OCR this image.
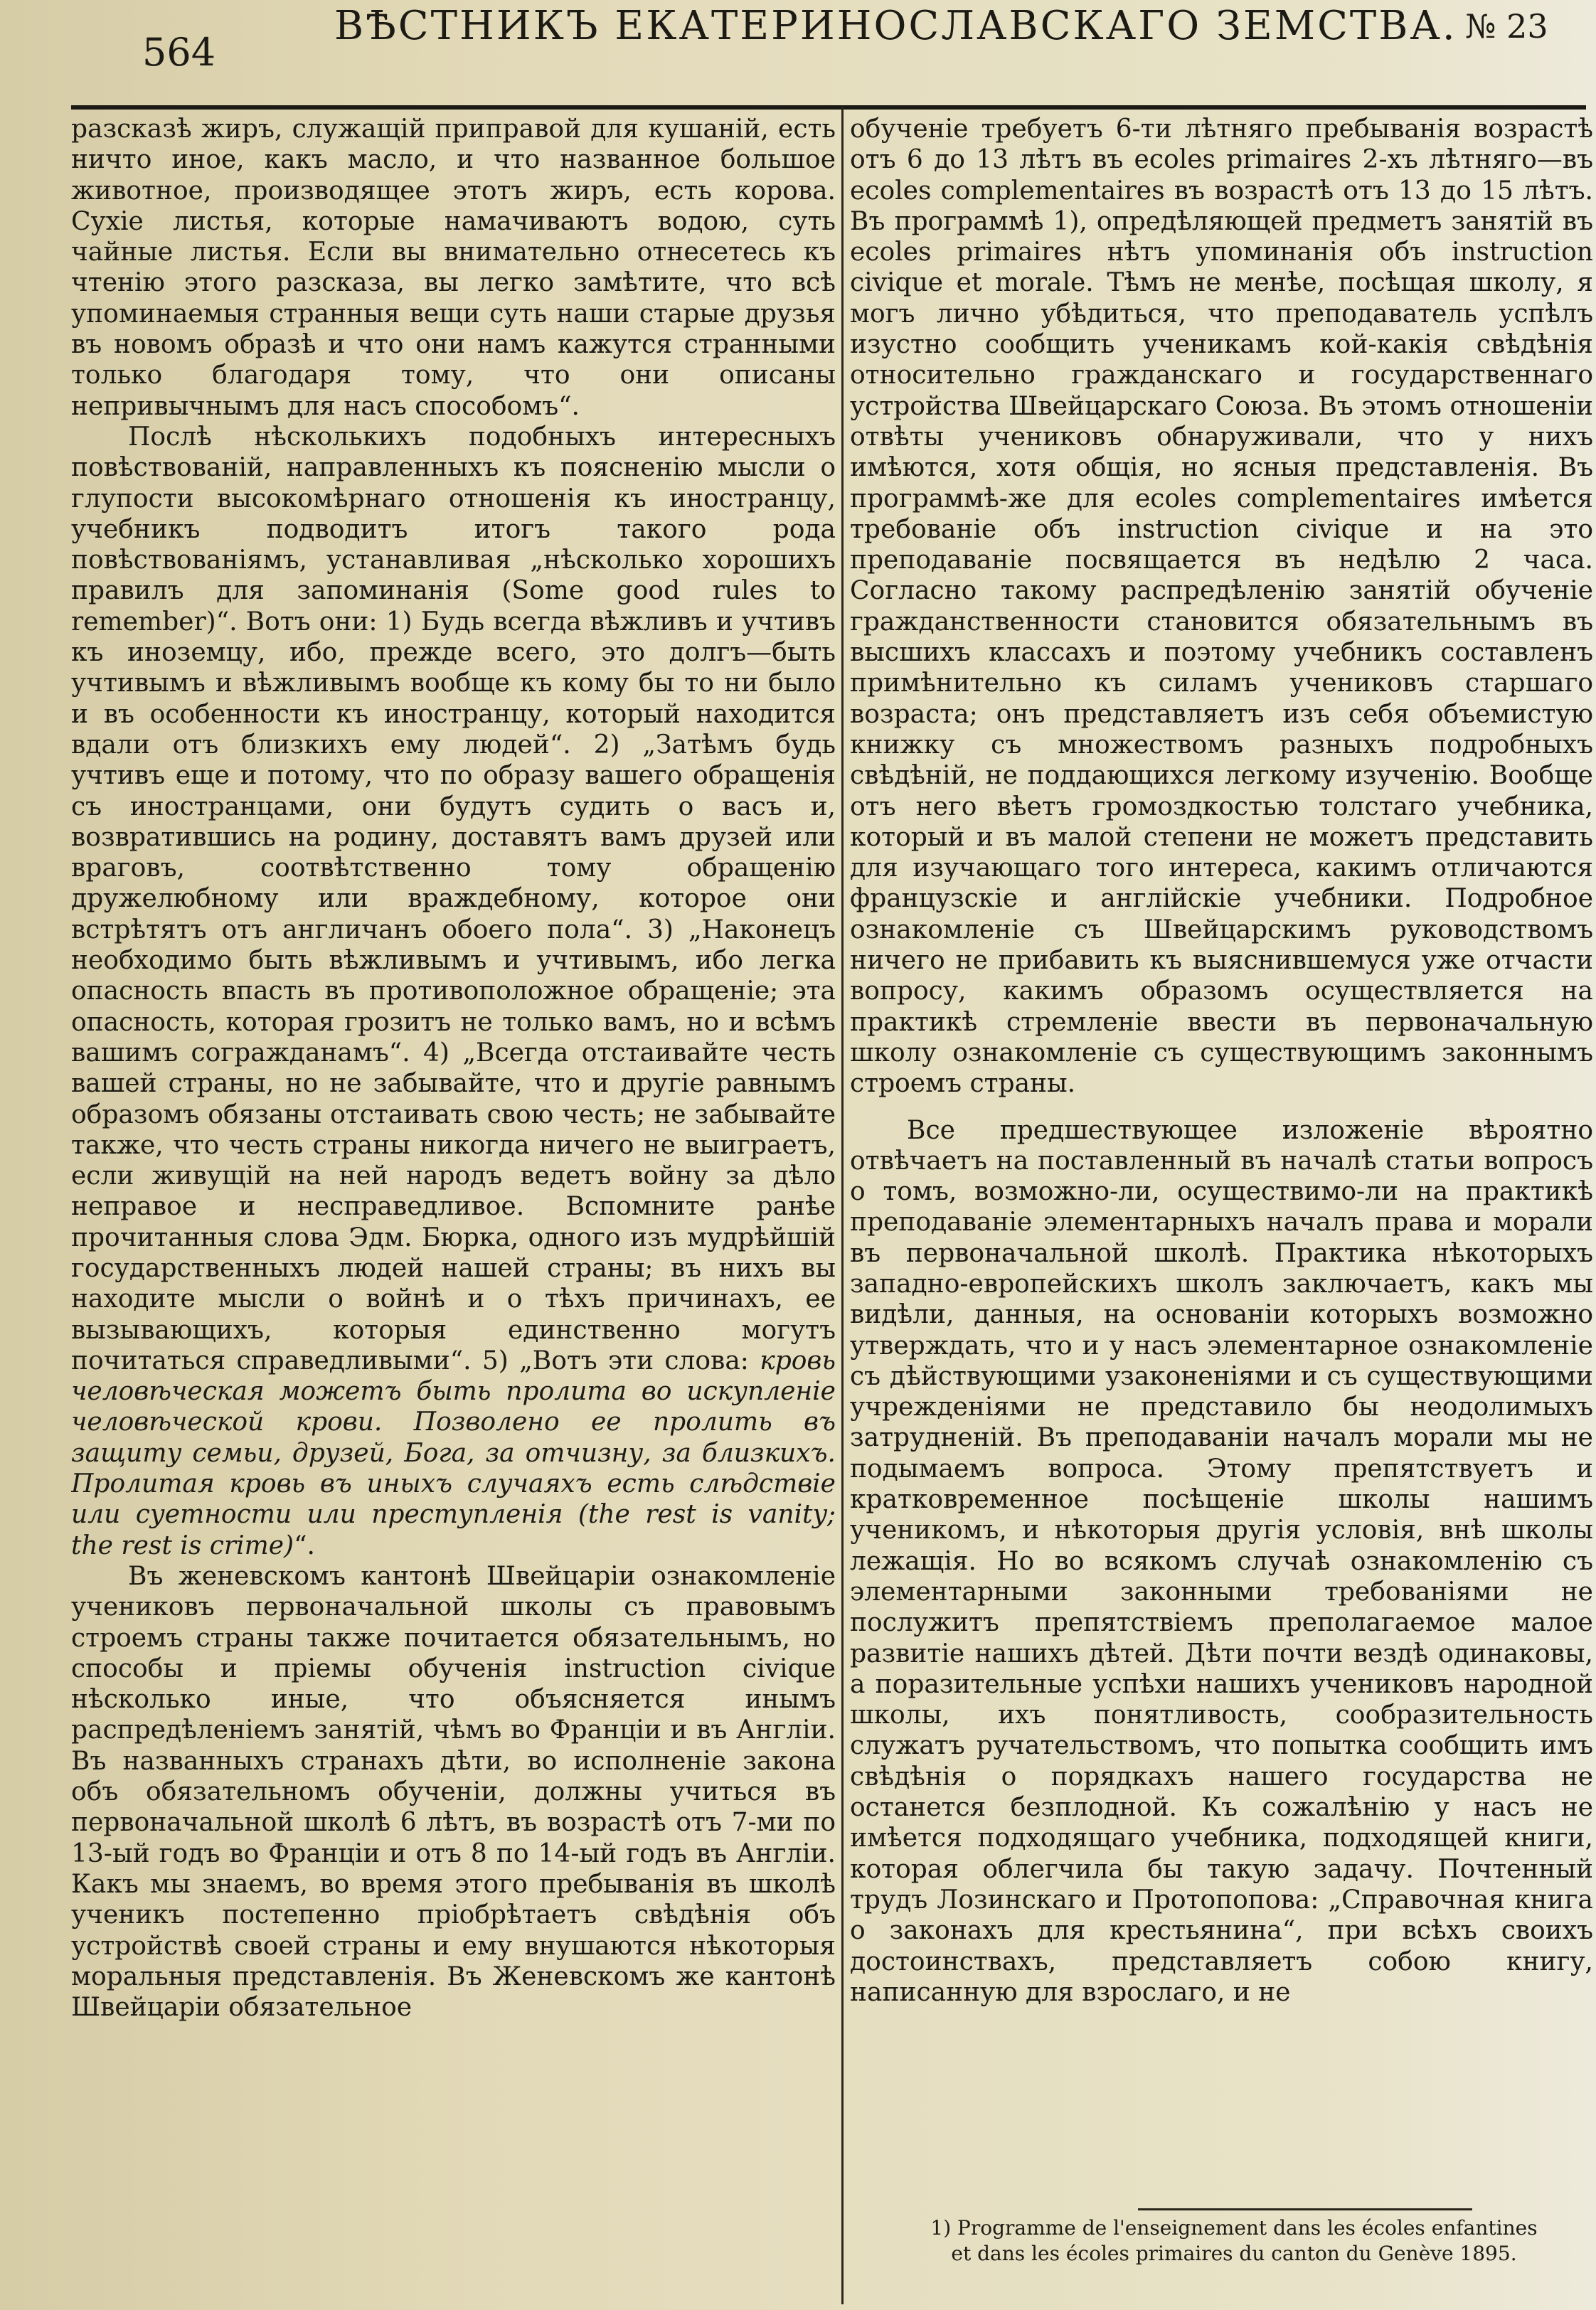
564
ВѢСТНИКЪ ЕКАТЕРИНОСЛАВСКАГО ЗЕМСТВА. № 23

разсказѣ жиръ, служащій приправой для кушаній, есть ничто иное, какъ масло, и что названное большое животное, производящее этотъ жиръ, есть корова. Сухіе листья, которые намачиваютъ водою, суть чайные листья. Если вы внимательно отнесетесь къ чтенію этого разсказа, вы легко замѣтите, что всѣ упоминаемыя странныя вещи суть наши старые друзья въ новомъ образѣ и что они намъ кажутся странными только благодаря тому, что они описаны непривычнымъ для насъ способомъ“.

Послѣ нѣсколькихъ подобныхъ интересныхъ повѣствованій, направленныхъ къ поясненію мысли о глупости высокомѣрнаго отношенія къ иностранцу, учебникъ подводитъ итогъ такого рода повѣствованіямъ, устанавливая „нѣсколько хорошихъ правилъ для запоминанія (Some good rules to remember)“. Вотъ они: 1) Будь всегда вѣжливъ и учтивъ къ иноземцу, ибо, прежде всего, это долгъ—быть учтивымъ и вѣжливымъ вообще къ кому бы то ни было и въ особенности къ иностранцу, который находится вдали отъ близкихъ ему людей“. 2) „Затѣмъ будь учтивъ еще и потому, что по образу вашего обращенія съ иностранцами, они будутъ судить о васъ и, возвратившись на родину, доставятъ вамъ друзей или враговъ, соотвѣтственно тому обращенію дружелюбному или враждебному, которое они встрѣтятъ отъ англичанъ обоего пола“. 3) „Наконецъ необходимо быть вѣжливымъ и учтивымъ, ибо легка опасность впасть въ противоположное обращеніе; эта опасность, которая грозитъ не только вамъ, но и всѣмъ вашимъ согражданамъ“. 4) „Всегда отстаивайте честь вашей страны, но не забывайте, что и другіе равнымъ образомъ обязаны отстаивать свою честь; не забывайте также, что честь страны никогда ничего не выиграетъ, если живущій на ней народъ ведетъ войну за дѣло неправое и несправедливое. Вспомните ранѣе прочитанныя слова Эдм. Бюрка, одного изъ мудрѣйшій государственныхъ людей нашей страны; въ нихъ вы находите мысли о войнѣ и о тѣхъ причинахъ, ее вызывающихъ, которыя единственно могутъ почитаться справедливыми“. 5) „Вотъ эти слова: кровь человѣческая можетъ быть пролита во искупленіе человѣческой крови. Позволено ее пролить въ защиту семьи, друзей, Бога, за отчизну, за близкихъ. Пролитая кровь въ иныхъ случаяхъ есть слѣдствіе или суетности или преступленія (the rest is vanity; the rest is crime)“.

Въ женевскомъ кантонѣ Швейцаріи ознакомленіе учениковъ первоначальной школы съ правовымъ строемъ страны также почитается обязательнымъ, но способы и пріемы обученія instruction civique нѣсколько иные, что объясняется инымъ распредѣленіемъ занятій, чѣмъ во Франціи и въ Англіи. Въ названныхъ странахъ дѣти, во исполненіе закона объ обязательномъ обученіи, должны учиться въ первоначальной школѣ 6 лѣтъ, въ возрастѣ отъ 7-ми по 13-ый годъ во Франціи и отъ 8 по 14-ый годъ въ Англіи. Какъ мы знаемъ, во время этого пребыванія въ школѣ ученикъ постепенно пріобрѣтаетъ свѣдѣнія объ устройствѣ своей страны и ему внушаются нѣкоторыя моральныя представленія. Въ Женевскомъ же кантонѣ Швейцаріи обязательное

обученіе требуетъ 6-ти лѣтняго пребыванія возрастѣ отъ 6 до 13 лѣтъ въ ecoles primaires 2-хъ лѣтняго—въ ecoles complementaires въ возрастѣ отъ 13 до 15 лѣтъ. Въ программѣ 1), опредѣляющей предметъ занятій въ ecoles primaires нѣтъ упоминанія объ instruction civique et morale. Тѣмъ не менѣе, посѣщая школу, я могъ лично убѣдиться, что преподаватель успѣлъ изустно сообщить ученикамъ кой-какія свѣдѣнія относительно гражданскаго и государственнаго устройства Швейцарскаго Союза. Въ этомъ отношеніи отвѣты учениковъ обнаруживали, что у нихъ имѣются, хотя общія, но ясныя представленія. Въ программѣ-же для ecoles complementaires имѣется требованіе объ instruction civique и на это преподаваніе посвящается въ недѣлю 2 часа. Согласно такому распредѣленію занятій обученіе гражданственности становится обязательнымъ въ высшихъ классахъ и поэтому учебникъ составленъ примѣнительно къ силамъ учениковъ старшаго возраста; онъ представляетъ изъ себя объемистую книжку съ множествомъ разныхъ подробныхъ свѣдѣній, не поддающихся легкому изученію. Вообще отъ него вѣетъ громоздкостью толстаго учебника, который и въ малой степени не можетъ представить для изучающаго того интереса, какимъ отличаются французскіе и англійскіе учебники. Подробное ознакомленіе съ Швейцарскимъ руководствомъ ничего не прибавить къ выяснившемуся уже отчасти вопросу, какимъ образомъ осуществляется на практикѣ стремленіе ввести въ первоначальную школу ознакомленіе съ существующимъ законнымъ строемъ страны.

Все предшествующее изложеніе вѣроятно отвѣчаетъ на поставленный въ началѣ статьи вопросъ о томъ, возможно-ли, осуществимо-ли на практикѣ преподаваніе элементарныхъ началъ права и морали въ первоначальной школѣ. Практика нѣкоторыхъ западно-европейскихъ школъ заключаетъ, какъ мы видѣли, данныя, на основаніи которыхъ возможно утверждать, что и у насъ элементарное ознакомленіе съ дѣйствующими узаконеніями и съ существующими учрежденіями не представило бы неодолимыхъ затрудненій. Въ преподаваніи началъ морали мы не подымаемъ вопроса. Этому препятствуетъ и кратковременное посѣщеніе школы нашимъ ученикомъ, и нѣкоторыя другія условія, внѣ школы лежащія. Но во всякомъ случаѣ ознакомленію съ элементарными законными требованіями не послужитъ препятствіемъ преполагаемое малое развитіе нашихъ дѣтей. Дѣти почти вездѣ одинаковы, а поразительные успѣхи нашихъ учениковъ народной школы, ихъ понятливость, сообразительность служатъ ручательствомъ, что попытка сообщить имъ свѣдѣнія о порядкахъ нашего государства не останется безплодной. Къ сожалѣнію у насъ не имѣется подходящаго учебника, подходящей книги, которая облегчила бы такую задачу. Почтенный трудъ Лозинскаго и Протопопова: „Справочная книга о законахъ для крестьянина“, при всѣхъ своихъ достоинствахъ, представляетъ собою книгу, написанную для взрослаго, и не

1) Programme de l'enseignement dans les écoles enfantines
et dans les écoles primaires du canton du Genève 1895.
